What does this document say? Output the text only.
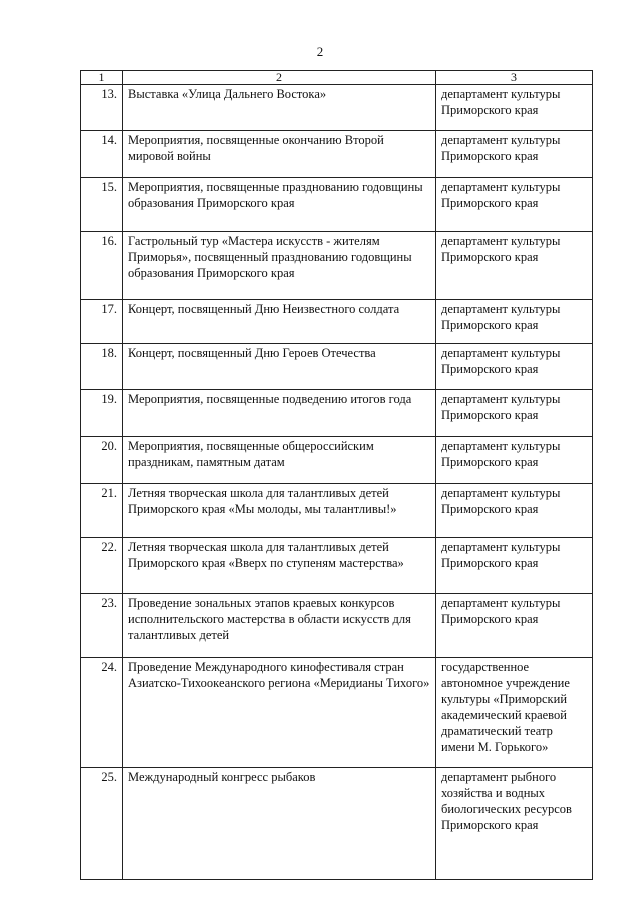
2
1	2	3
13.	Выставка «Улица Дальнего Востока»	департамент культуры Приморского края
14.	Мероприятия, посвященные окончанию Второй мировой войны	департамент культуры Приморского края
15.	Мероприятия, посвященные празднованию годовщины образования Приморского края	департамент культуры Приморского края
16.	Гастрольный тур «Мастера искусств - жителям Приморья», посвященный празднованию годовщины образования Приморского края	департамент культуры Приморского края
17.	Концерт, посвященный Дню Неизвестного солдата	департамент культуры Приморского края
18.	Концерт, посвященный Дню Героев Отечества	департамент культуры Приморского края
19.	Мероприятия, посвященные подведению итогов года	департамент культуры Приморского края
20.	Мероприятия, посвященные общероссийским праздникам, памятным датам	департамент культуры Приморского края
21.	Летняя творческая школа для талантливых детей Приморского края «Мы молоды, мы талантливы!»	департамент культуры Приморского края
22.	Летняя творческая школа для талантливых детей Приморского края «Вверх по ступеням мастерства»	департамент культуры Приморского края
23.	Проведение зональных этапов краевых конкурсов исполнительского мастерства в области искусств для талантливых детей	департамент культуры Приморского края
24.	Проведение Международного кинофестиваля стран Азиатско-Тихоокеанского региона «Меридианы Тихого»	государственное автономное учреждение культуры «Приморский академический краевой драматический театр имени М. Горького»
25.	Международный конгресс рыбаков	департамент рыбного хозяйства и водных биологических ресурсов Приморского края
